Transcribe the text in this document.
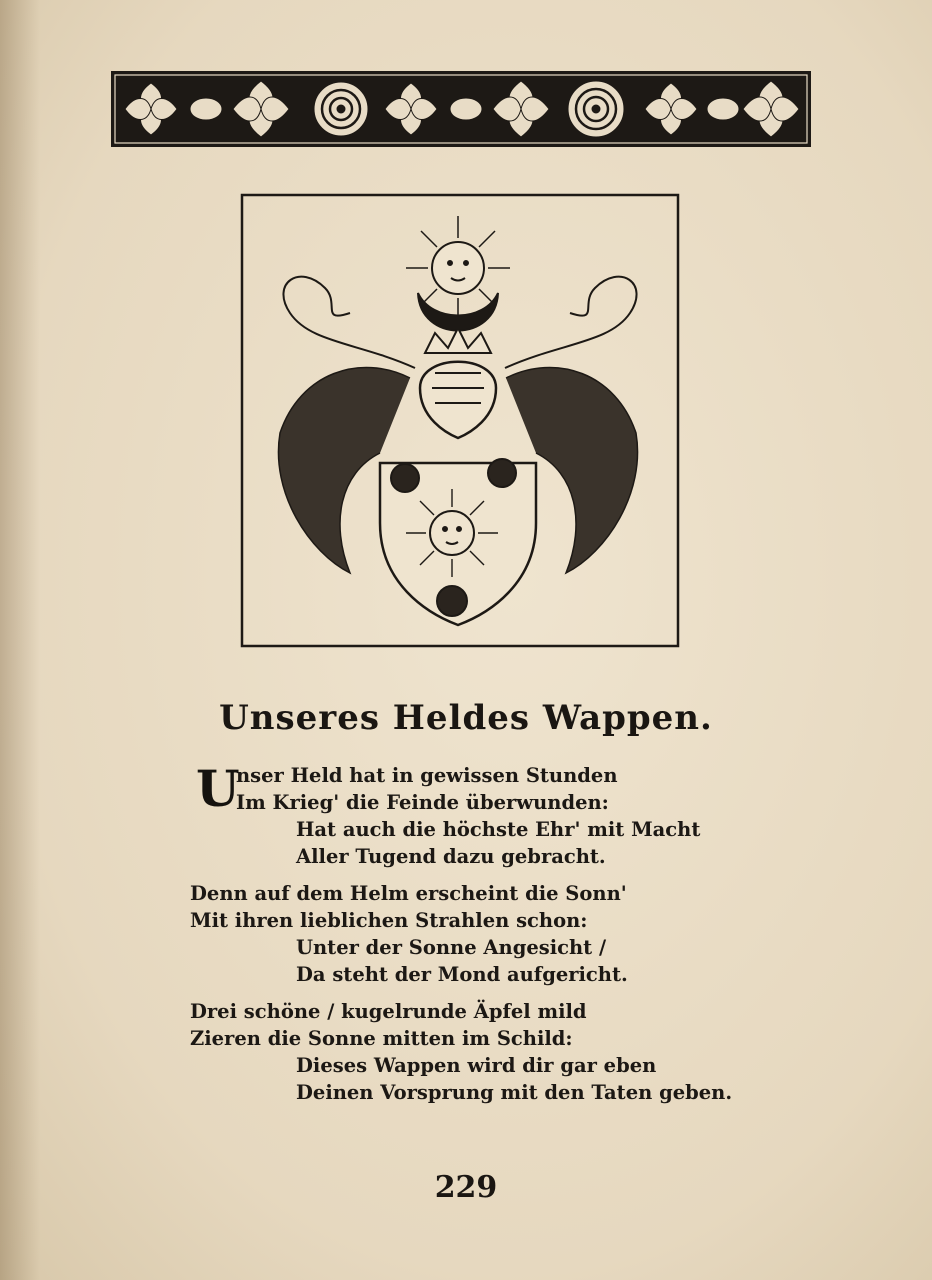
Unseres Heldes Wappen.
U
nser Held hat in gewissen Stunden
Im Krieg' die Feinde überwunden:
Hat auch die höchste Ehr' mit Macht
Aller Tugend dazu gebracht.
Denn auf dem Helm erscheint die Sonn'
Mit ihren lieblichen Strahlen schon:
Unter der Sonne Angesicht /
Da steht der Mond aufgericht.
Drei schöne / kugelrunde Äpfel mild
Zieren die Sonne mitten im Schild:
Dieses Wappen wird dir gar eben
Deinen Vorsprung mit den Taten geben.
229
